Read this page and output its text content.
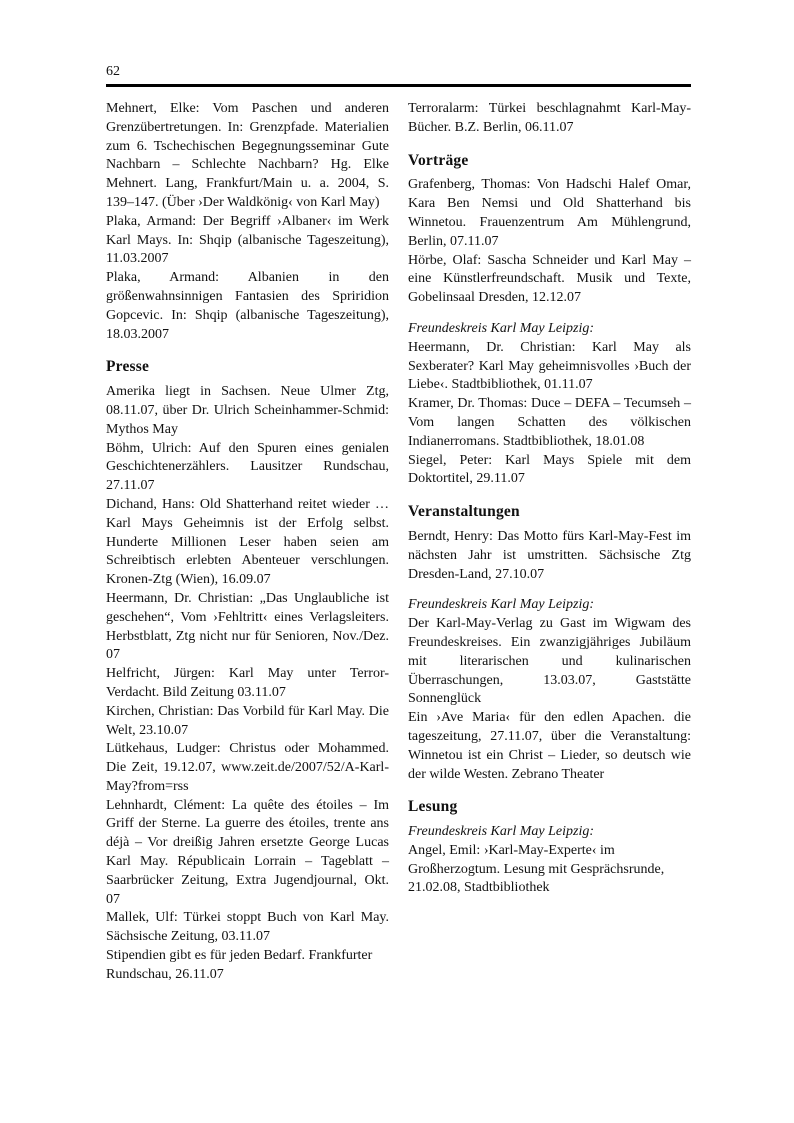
62

Mehnert, Elke: Vom Paschen und anderen Grenzübertretungen. In: Grenzpfade. Materialien zum 6. Tschechischen Begegnungsseminar Gute Nachbarn – Schlechte Nachbarn? Hg. Elke Mehnert. Lang, Frankfurt/Main u. a. 2004, S. 139–147. (Über ›Der Waldkönig‹ von Karl May)

Plaka, Armand: Der Begriff ›Albaner‹ im Werk Karl Mays. In: Shqip (albanische Tageszeitung), 11.03.2007

Plaka, Armand: Albanien in den größenwahnsinnigen Fantasien des Spriridion Gopcevic. In: Shqip (albanische Tageszeitung), 18.03.2007

Presse

Amerika liegt in Sachsen. Neue Ulmer Ztg, 08.11.07, über Dr. Ulrich Scheinhammer-Schmid: Mythos May

Böhm, Ulrich: Auf den Spuren eines genialen Geschichtenerzählers. Lausitzer Rundschau, 27.11.07

Dichand, Hans: Old Shatterhand reitet wieder … Karl Mays Geheimnis ist der Erfolg selbst. Hunderte Millionen Leser haben seien am Schreibtisch erlebten Abenteuer verschlungen. Kronen-Ztg (Wien), 16.09.07

Heermann, Dr. Christian: „Das Unglaubliche ist geschehen“, Vom ›Fehltritt‹ eines Verlagsleiters. Herbstblatt, Ztg nicht nur für Senioren, Nov./Dez. 07

Helfricht, Jürgen: Karl May unter Terror-Verdacht. Bild Zeitung 03.11.07

Kirchen, Christian: Das Vorbild für Karl May. Die Welt, 23.10.07

Lütkehaus, Ludger: Christus oder Mohammed. Die Zeit, 19.12.07, www.zeit.de/2007/52/A-Karl-May?from=rss

Lehnhardt, Clément: La quête des étoiles – Im Griff der Sterne. La guerre des étoiles, trente ans déjà – Vor dreißig Jahren ersetzte George Lucas Karl May. Républicain Lorrain – Tageblatt – Saarbrücker Zeitung, Extra Jugendjournal, Okt. 07

Mallek, Ulf: Türkei stoppt Buch von Karl May. Sächsische Zeitung, 03.11.07

Stipendien gibt es für jeden Bedarf. Frankfurter Rundschau, 26.11.07

Terroralarm: Türkei beschlagnahmt Karl-May-Bücher. B.Z. Berlin, 06.11.07

Vorträge

Grafenberg, Thomas: Von Hadschi Halef Omar, Kara Ben Nemsi und Old Shatterhand bis Winnetou. Frauenzentrum Am Mühlengrund, Berlin, 07.11.07

Hörbe, Olaf: Sascha Schneider und Karl May – eine Künstlerfreundschaft. Musik und Texte, Gobelinsaal Dresden, 12.12.07

Freundeskreis Karl May Leipzig:

Heermann, Dr. Christian: Karl May als Sexberater? Karl May geheimnisvolles ›Buch der Liebe‹. Stadtbibliothek, 01.11.07

Kramer, Dr. Thomas: Duce – DEFA – Tecumseh – Vom langen Schatten des völkischen Indianerromans. Stadtbibliothek, 18.01.08

Siegel, Peter: Karl Mays Spiele mit dem Doktortitel, 29.11.07

Veranstaltungen

Berndt, Henry: Das Motto fürs Karl-May-Fest im nächsten Jahr ist umstritten. Sächsische Ztg Dresden-Land, 27.10.07

Freundeskreis Karl May Leipzig:

Der Karl-May-Verlag zu Gast im Wigwam des Freundeskreises. Ein zwanzigjähriges Jubiläum mit literarischen und kulinarischen Überraschungen, 13.03.07, Gaststätte Sonnenglück

Ein ›Ave Maria‹ für den edlen Apachen. die tageszeitung, 27.11.07, über die Veranstaltung: Winnetou ist ein Christ – Lieder, so deutsch wie der wilde Westen. Zebrano Theater

Lesung

Freundeskreis Karl May Leipzig:

Angel, Emil: ›Karl-May-Experte‹ im Großherzogtum. Lesung mit Gesprächsrunde, 21.02.08, Stadtbibliothek
